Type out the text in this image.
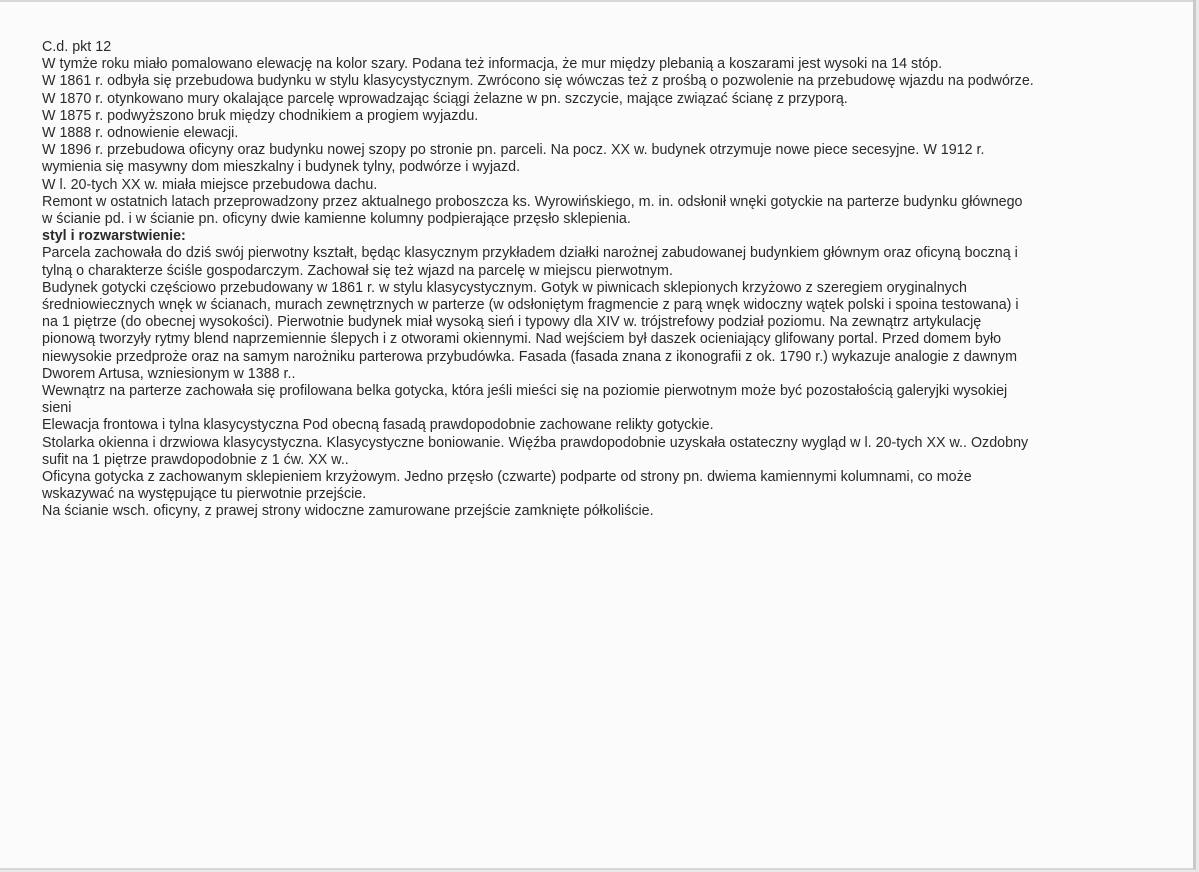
C.d. pkt 12
W tymże roku miało pomalowano elewację na kolor szary. Podana też informacja, że mur między plebanią a koszarami jest wysoki na 14 stóp.
W 1861 r. odbyła się przebudowa budynku w stylu klasycystycznym. Zwrócono się wówczas też z prośbą o pozwolenie na przebudowę wjazdu na podwórze.
W 1870 r. otynkowano mury okalające parcelę wprowadzając ściągi żelazne w pn. szczycie, mające związać ścianę z przyporą.
W 1875 r. podwyższono bruk między chodnikiem a progiem wyjazdu.
W 1888 r. odnowienie elewacji.
W 1896 r. przebudowa oficyny oraz budynku nowej szopy po stronie pn. parceli. Na pocz. XX w. budynek otrzymuje nowe piece secesyjne. W 1912 r.
wymienia się masywny dom mieszkalny i budynek tylny, podwórze i wyjazd.
W l. 20-tych XX w. miała miejsce przebudowa dachu.
Remont w ostatnich latach przeprowadzony przez aktualnego proboszcza ks. Wyrowińskiego, m. in. odsłonił wnęki gotyckie na parterze budynku głównego
w ścianie pd. i w ścianie pn. oficyny dwie kamienne kolumny podpierające przęsło sklepienia.
styl i rozwarstwienie:
Parcela zachowała do dziś swój pierwotny kształt, będąc klasycznym przykładem działki narożnej zabudowanej budynkiem głównym oraz oficyną boczną i
tylną o charakterze ściśle gospodarczym. Zachował się też wjazd na parcelę w miejscu pierwotnym.
Budynek gotycki częściowo przebudowany w 1861 r. w stylu klasycystycznym. Gotyk w piwnicach sklepionych krzyżowo z szeregiem oryginalnych
średniowiecznych wnęk w ścianach, murach zewnętrznych w parterze (w odsłoniętym fragmencie z parą wnęk widoczny wątek polski i spoina testowana) i
na 1 piętrze (do obecnej wysokości). Pierwotnie budynek miał wysoką sień i typowy dla XIV w. trójstrefowy podział poziomu. Na zewnątrz artykulację
pionową tworzyły rytmy blend naprzemiennie ślepych i z otworami okiennymi. Nad wejściem był daszek ocieniający glifowany portal. Przed domem było
niewysokie przedproże oraz na samym narożniku parterowa przybudówka. Fasada (fasada znana z ikonografii z ok. 1790 r.) wykazuje analogie z dawnym
Dworem Artusa, wzniesionym w 1388 r..
Wewnątrz na parterze zachowała się profilowana belka gotycka, która jeśli mieści się na poziomie pierwotnym może być pozostałością galeryjki wysokiej
sieni
Elewacja frontowa i tylna klasycystyczna Pod obecną fasadą prawdopodobnie zachowane relikty gotyckie.
Stolarka okienna i drzwiowa klasycystyczna. Klasycystyczne boniowanie. Więźba prawdopodobnie uzyskała ostateczny wygląd w l. 20-tych XX w.. Ozdobny
sufit na 1 piętrze prawdopodobnie z 1 ćw. XX w..
Oficyna gotycka z zachowanym sklepieniem krzyżowym. Jedno przęsło (czwarte) podparte od strony pn. dwiema kamiennymi kolumnami, co może
wskazywać na występujące tu pierwotnie przejście.
Na ścianie wsch. oficyny, z prawej strony widoczne zamurowane przejście zamknięte półkoliście.
